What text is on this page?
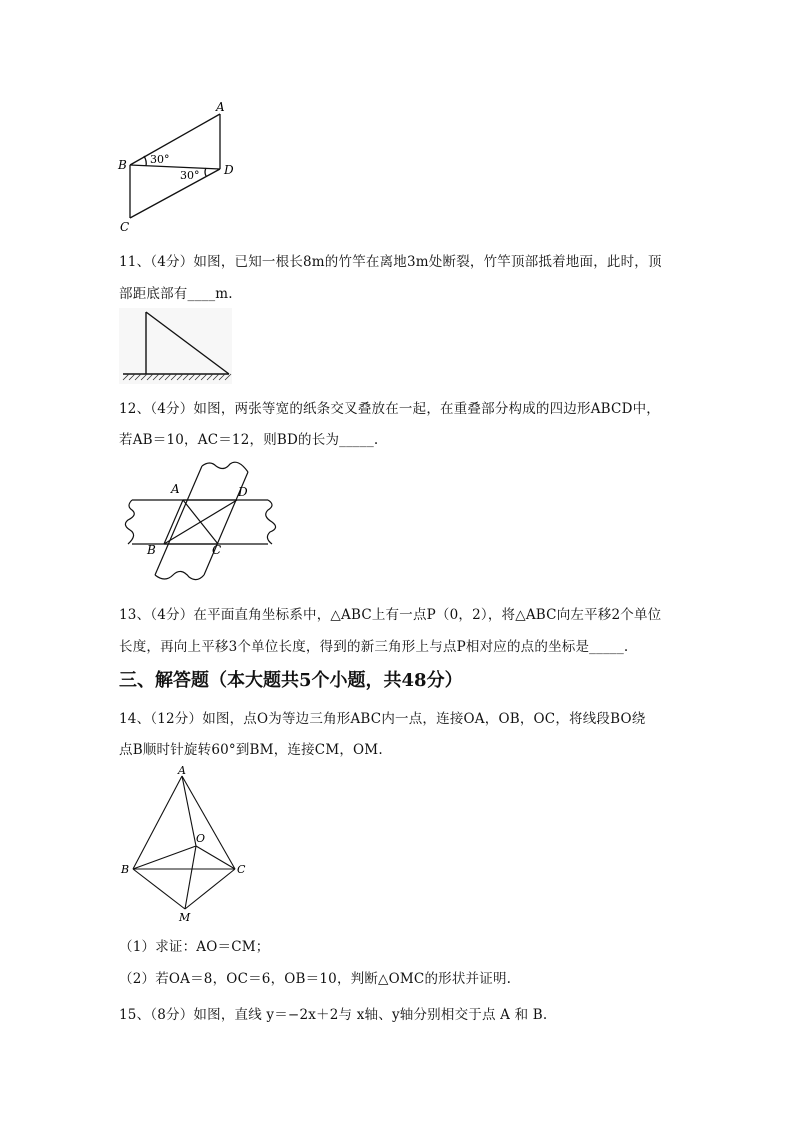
A
B
C
D
30°
30°
11、（4分）如图，已知一根长8m的竹竿在离地3m处断裂，竹竿顶部抵着地面，此时，顶
部距底部有____m.
12、（4分）如图，两张等宽的纸条交叉叠放在一起，在重叠部分构成的四边形ABCD中，
若AB＝10，AC＝12，则BD的长为_____.
A	D
B	C
13、（4分）在平面直角坐标系中，△ABC上有一点P（0，2），将△ABC向左平移2个单位
长度，再向上平移3个单位长度，得到的新三角形上与点P相对应的点的坐标是_____.
三、解答题（本大题共5个小题，共48分）
14、（12分）如图，点O为等边三角形ABC内一点，连接OA，OB，OC，将线段BO绕
点B顺时针旋转60°到BM，连接CM，OM.
A
B	C
O
M
（1）求证：AO＝CM；
（2）若OA＝8，OC＝6，OB＝10，判断△OMC的形状并证明.
15、（8分）如图，直线 y＝−2x＋2与 x轴、y轴分别相交于点 A 和 B.
